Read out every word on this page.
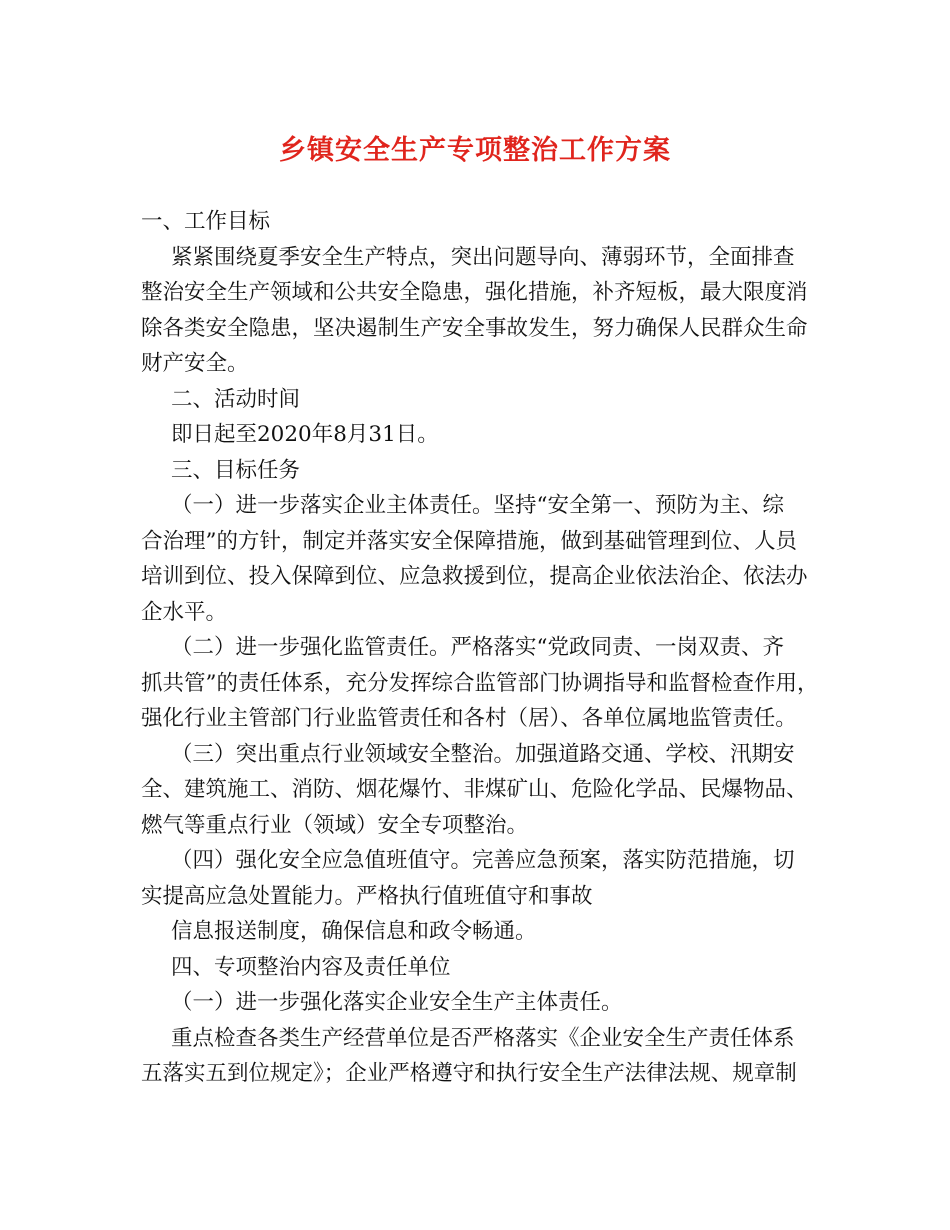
乡镇安全生产专项整治工作方案
一、工作目标
紧紧围绕夏季安全生产特点，突出问题导向、薄弱环节，全面排查
整治安全生产领域和公共安全隐患，强化措施，补齐短板，最大限度消
除各类安全隐患，坚决遏制生产安全事故发生，努力确保人民群众生命
财产安全。
二、活动时间
即日起至2020年8月31日。
三、目标任务
（一）进一步落实企业主体责任。坚持“安全第一、预防为主、综
合治理”的方针，制定并落实安全保障措施，做到基础管理到位、人员
培训到位、投入保障到位、应急救援到位，提高企业依法治企、依法办
企水平。
（二）进一步强化监管责任。严格落实“党政同责、一岗双责、齐
抓共管”的责任体系，充分发挥综合监管部门协调指导和监督检查作用，
强化行业主管部门行业监管责任和各村（居）、各单位属地监管责任。
（三）突出重点行业领域安全整治。加强道路交通、学校、汛期安
全、建筑施工、消防、烟花爆竹、非煤矿山、危险化学品、民爆物品、
燃气等重点行业（领域）安全专项整治。
（四）强化安全应急值班值守。完善应急预案，落实防范措施，切
实提高应急处置能力。严格执行值班值守和事故
信息报送制度，确保信息和政令畅通。
四、专项整治内容及责任单位
（一）进一步强化落实企业安全生产主体责任。
重点检查各类生产经营单位是否严格落实《企业安全生产责任体系
五落实五到位规定》；企业严格遵守和执行安全生产法律法规、规章制
